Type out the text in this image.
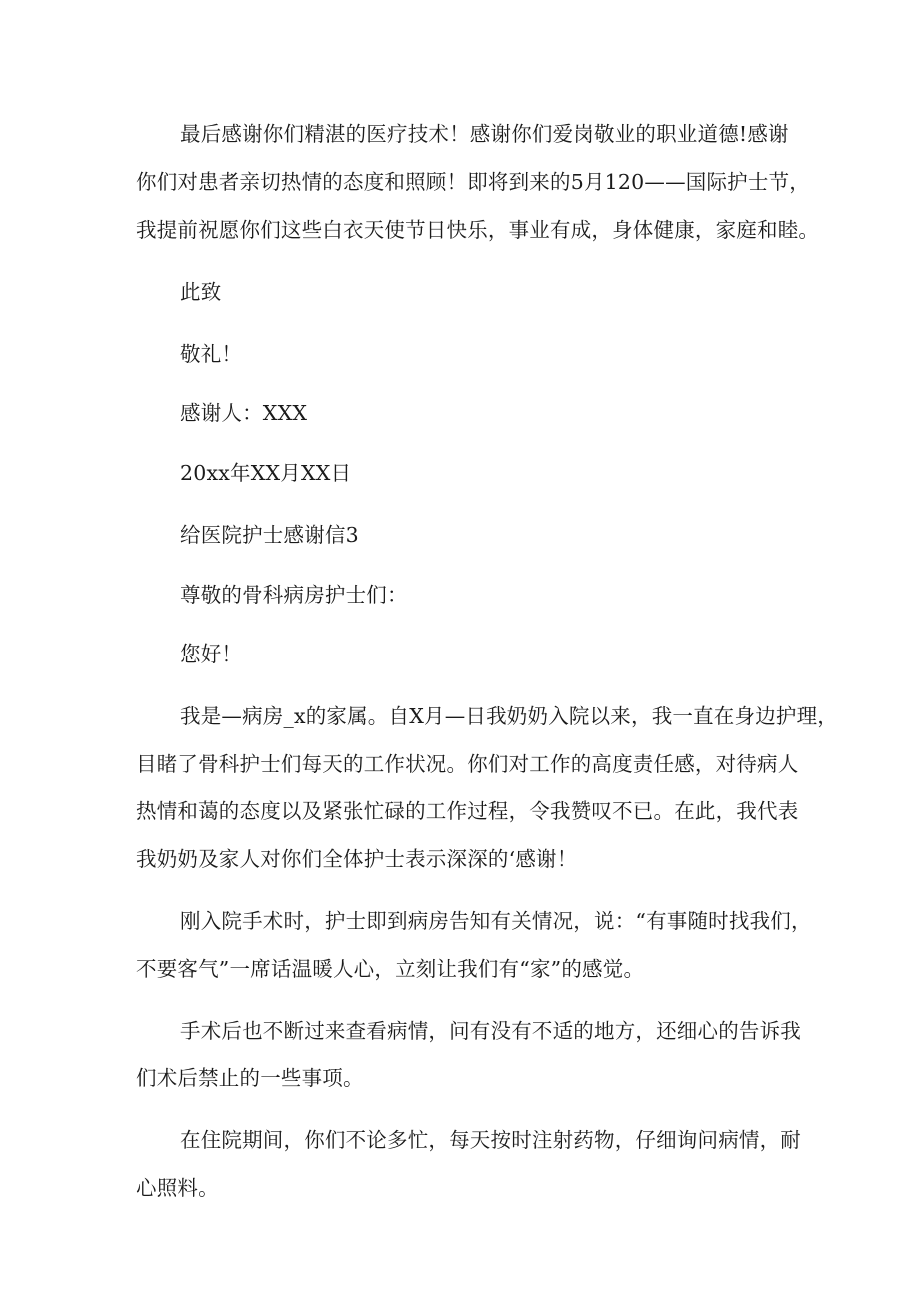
最后感谢你们精湛的医疗技术！感谢你们爱岗敬业的职业道德!感谢
你们对患者亲切热情的态度和照顾！即将到来的5月120——国际护士节，
我提前祝愿你们这些白衣天使节日快乐，事业有成，身体健康，家庭和睦。
此致
敬礼！
感谢人：XXX
20xx年XX月XX日
给医院护士感谢信3
尊敬的骨科病房护士们：
您好！
我是—病房_x的家属。自X月—日我奶奶入院以来，我一直在身边护理，
目睹了骨科护士们每天的工作状况。你们对工作的高度责任感，对待病人
热情和蔼的态度以及紧张忙碌的工作过程，令我赞叹不已。在此，我代表
我奶奶及家人对你们全体护士表示深深的‘感谢！
刚入院手术时，护士即到病房告知有关情况，说：“有事随时找我们，
不要客气”一席话温暖人心，立刻让我们有“家”的感觉。
手术后也不断过来查看病情，问有没有不适的地方，还细心的告诉我
们术后禁止的一些事项。
在住院期间，你们不论多忙，每天按时注射药物，仔细询问病情，耐
心照料。
